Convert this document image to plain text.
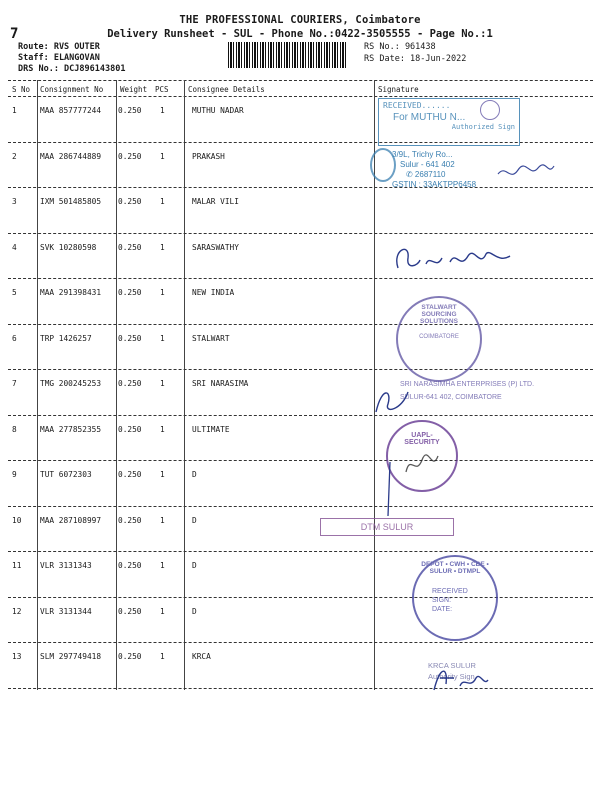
7
THE PROFESSIONAL COURIERS, Coimbatore
Delivery Runsheet - SUL - Phone No.:0422-3505555 - Page No.:1
Route: RVS OUTER
Staff: ELANGOVAN
DRS No.: DCJ896143801
RS No.: 961438
RS Date: 18-Jun-2022
S No Consignment No Weight PCS	Consignee Details	Signature
1	MAA 857777244 0.250 1	MUTHU NADAR
2	MAA 286744889 0.250 1	PRAKASH
3	IXM 501485805 0.250 1	MALAR VILI
4	SVK 10280598	0.250 1	SARASWATHY
5	MAA 291398431 0.250 1	NEW INDIA
6	TRP 1426257	0.250 1	STALWART
7	TMG 200245253 0.250 1	SRI NARASIMA
8	MAA 277852355 0.250 1	ULTIMATE
9	TUT 6072303	0.250 1	D
10 MAA 287108997 0.250 1	D
11 VLR 3131343	0.250 1	D
12 VLR 3131344	0.250 1	D
13 SLM 297749418 0.250 1	KRCA
RECEIVED......
For MUTHU N...
Authorized Sign
3/9L, Trichy Ro...
Sulur - 641 402
✆ 2687110
GSTIN : 33AKTPP6458
STALWART SOURCING SOLUTIONS
COIMBATORE
SRI NARASIMHA ENTERPRISES (P) LTD.
SULUR-641 402, COIMBATORE
UAPL-SECURITY
DTM SULUR
DEPOT • CWH • CBE • SULUR • DTMPL
RECEIVED
SIGN:
DATE:
KRCA SULUR
Authority Sign
